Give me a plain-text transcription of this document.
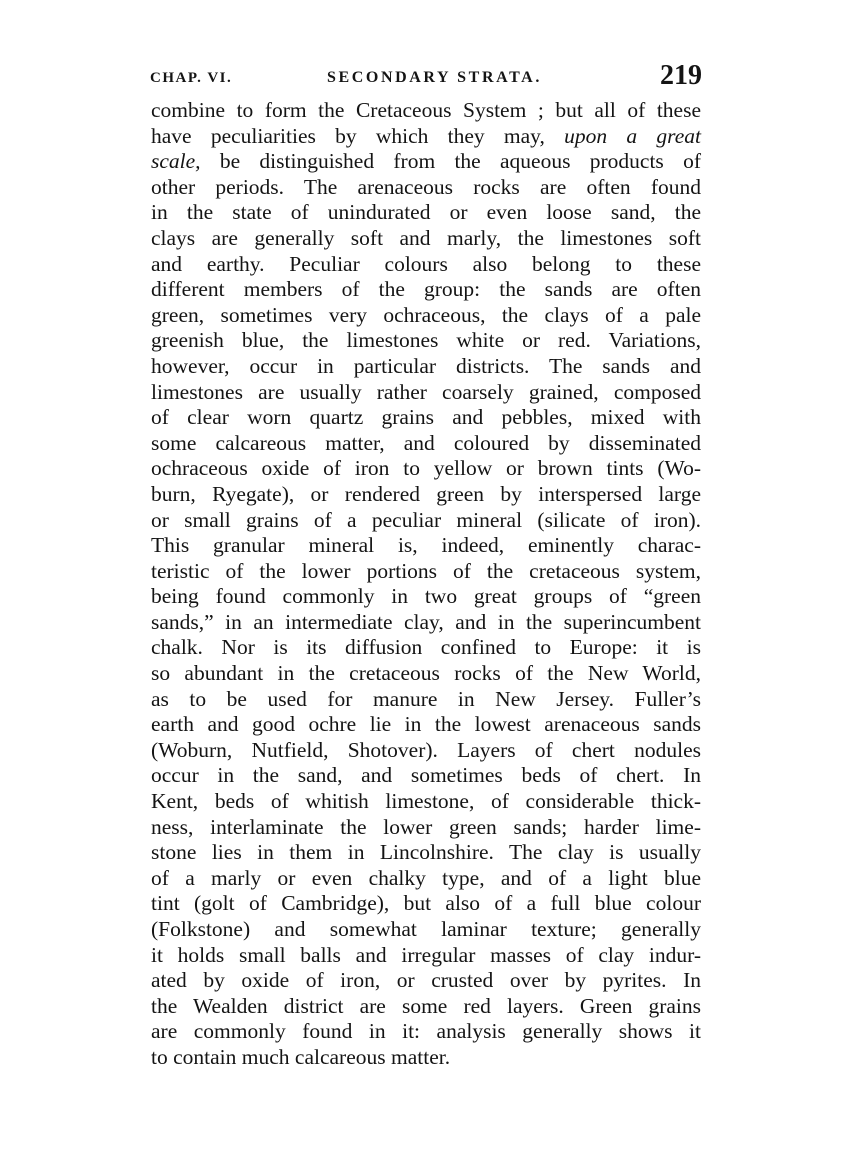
CHAP. VI.	SECONDARY STRATA.	219
combine to form the Cretaceous System ; but all of these
have peculiarities by which they may, upon a great
scale, be distinguished from the aqueous products of
other periods. The arenaceous rocks are often found
in the state of unindurated or even loose sand, the
clays are generally soft and marly, the limestones soft
and earthy. Peculiar colours also belong to these
different members of the group: the sands are often
green, sometimes very ochraceous, the clays of a pale
greenish blue, the limestones white or red. Variations,
however, occur in particular districts. The sands and
limestones are usually rather coarsely grained, composed
of clear worn quartz grains and pebbles, mixed with
some calcareous matter, and coloured by disseminated
ochraceous oxide of iron to yellow or brown tints (Wo-
burn, Ryegate), or rendered green by interspersed large
or small grains of a peculiar mineral (silicate of iron).
This granular mineral is, indeed, eminently charac-
teristic of the lower portions of the cretaceous system,
being found commonly in two great groups of “green
sands,” in an intermediate clay, and in the superincumbent
chalk. Nor is its diffusion confined to Europe: it is
so abundant in the cretaceous rocks of the New World,
as to be used for manure in New Jersey. Fuller’s
earth and good ochre lie in the lowest arenaceous sands
(Woburn, Nutfield, Shotover). Layers of chert nodules
occur in the sand, and sometimes beds of chert. In
Kent, beds of whitish limestone, of considerable thick-
ness, interlaminate the lower green sands; harder lime-
stone lies in them in Lincolnshire. The clay is usually
of a marly or even chalky type, and of a light blue
tint (golt of Cambridge), but also of a full blue colour
(Folkstone) and somewhat laminar texture; generally
it holds small balls and irregular masses of clay indur-
ated by oxide of iron, or crusted over by pyrites. In
the Wealden district are some red layers. Green grains
are commonly found in it: analysis generally shows it
to contain much calcareous matter.
